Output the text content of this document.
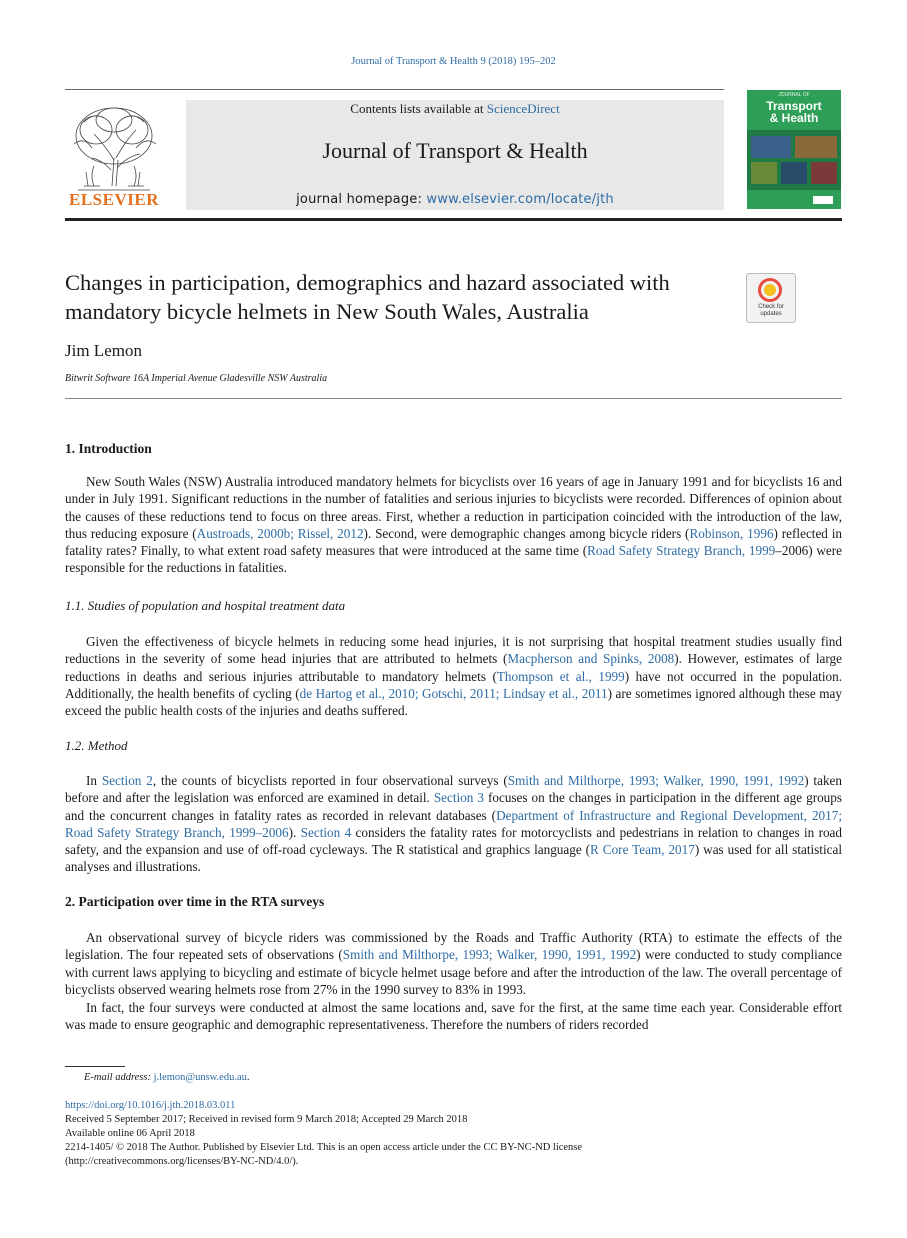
Journal of Transport & Health 9 (2018) 195–202
Contents lists available at ScienceDirect
Journal of Transport & Health
journal homepage: www.elsevier.com/locate/jth
ELSEVIER
JOURNAL OF
Transport
& Health
Changes in participation, demographics and hazard associated with mandatory bicycle helmets in New South Wales, Australia	Check for updates
Jim Lemon
Bitwrit Software 16A Imperial Avenue Gladesville NSW Australia
1. Introduction
New South Wales (NSW) Australia introduced mandatory helmets for bicyclists over 16 years of age in January 1991 and for bicyclists 16 and under in July 1991. Significant reductions in the number of fatalities and serious injuries to bicyclists were recorded. Differences of opinion about the causes of these reductions tend to focus on three areas. First, whether a reduction in participation coincided with the introduction of the law, thus reducing exposure (Austroads, 2000b; Rissel, 2012). Second, were demographic changes among bicycle riders (Robinson, 1996) reflected in fatality rates? Finally, to what extent road safety measures that were introduced at the same time (Road Safety Strategy Branch, 1999–2006) were responsible for the reductions in fatalities.
1.1. Studies of population and hospital treatment data
Given the effectiveness of bicycle helmets in reducing some head injuries, it is not surprising that hospital treatment studies usually find reductions in the severity of some head injuries that are attributed to helmets (Macpherson and Spinks, 2008). However, estimates of large reductions in deaths and serious injuries attributable to mandatory helmets (Thompson et al., 1999) have not occurred in the population. Additionally, the health benefits of cycling (de Hartog et al., 2010; Gotschi, 2011; Lindsay et al., 2011) are sometimes ignored although these may exceed the public health costs of the injuries and deaths suffered.
1.2. Method
In Section 2, the counts of bicyclists reported in four observational surveys (Smith and Milthorpe, 1993; Walker, 1990, 1991, 1992) taken before and after the legislation was enforced are examined in detail. Section 3 focuses on the changes in participation in the different age groups and the concurrent changes in fatality rates as recorded in relevant databases (Department of Infrastructure and Regional Development, 2017; Road Safety Strategy Branch, 1999–2006). Section 4 considers the fatality rates for motorcyclists and pedestrians in relation to changes in road safety, and the expansion and use of off-road cycleways. The R statistical and graphics language (R Core Team, 2017) was used for all statistical analyses and illustrations.
2. Participation over time in the RTA surveys
An observational survey of bicycle riders was commissioned by the Roads and Traffic Authority (RTA) to estimate the effects of the legislation. The four repeated sets of observations (Smith and Milthorpe, 1993; Walker, 1990, 1991, 1992) were conducted to study compliance with current laws applying to bicycling and estimate of bicycle helmet usage before and after the introduction of the law. The overall percentage of bicyclists observed wearing helmets rose from 27% in the 1990 survey to 83% in 1993.
In fact, the four surveys were conducted at almost the same locations and, save for the first, at the same time each year. Considerable effort was made to ensure geographic and demographic representativeness. Therefore the numbers of riders recorded
E-mail address: j.lemon@unsw.edu.au.
https://doi.org/10.1016/j.jth.2018.03.011
Received 5 September 2017; Received in revised form 9 March 2018; Accepted 29 March 2018
Available online 06 April 2018
2214-1405/ © 2018 The Author. Published by Elsevier Ltd. This is an open access article under the CC BY-NC-ND license
(http://creativecommons.org/licenses/BY-NC-ND/4.0/).
